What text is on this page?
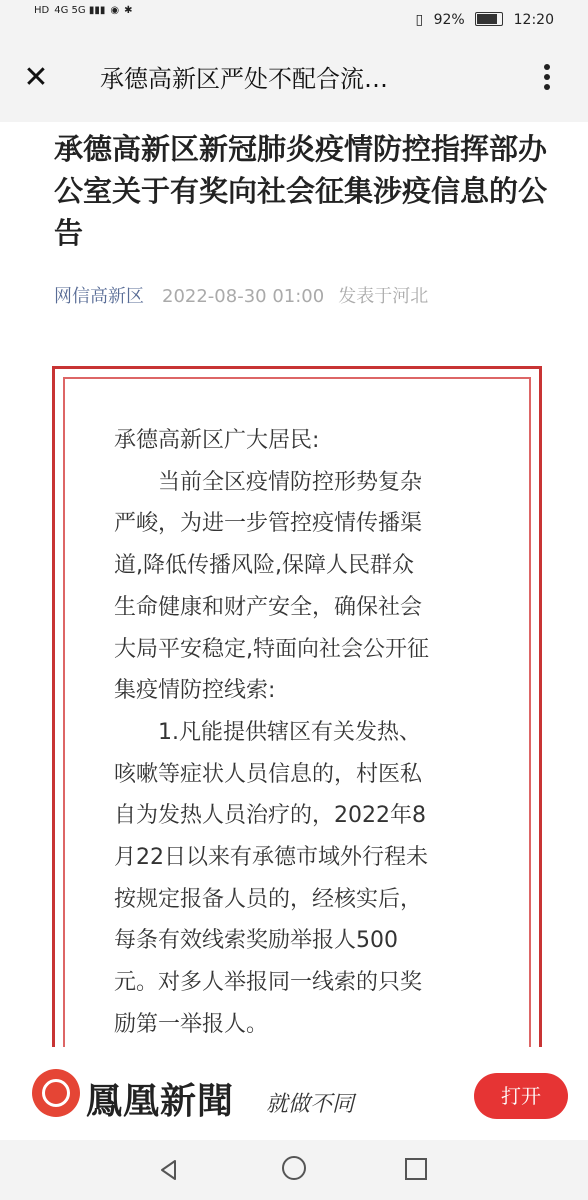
HD 4G 5G ▮▮▮ ◉ ✱
▯ 92%	12:20
✕ 承德高新区严处不配合流…
承德高新区新冠肺炎疫情防控指挥部办公室关于有奖向社会征集涉疫信息的公告
网信高新区 2022-08-30 01:00 发表于河北

承德高新区广大居民:

当前全区疫情防控形势复杂

严峻，为进一步管控疫情传播渠

道,降低传播风险,保障人民群众

生命健康和财产安全，确保社会

大局平安稳定,特面向社会公开征

集疫情防控线索:

1.凡能提供辖区有关发热、

咳嗽等症状人员信息的，村医私

自为发热人员治疗的，2022年8

月22日以来有承德市域外行程未

按规定报备人员的，经核实后，

每条有效线索奖励举报人500

元。对多人举报同一线索的只奖

励第一举报人。

鳳凰新聞 就做不同	打开
